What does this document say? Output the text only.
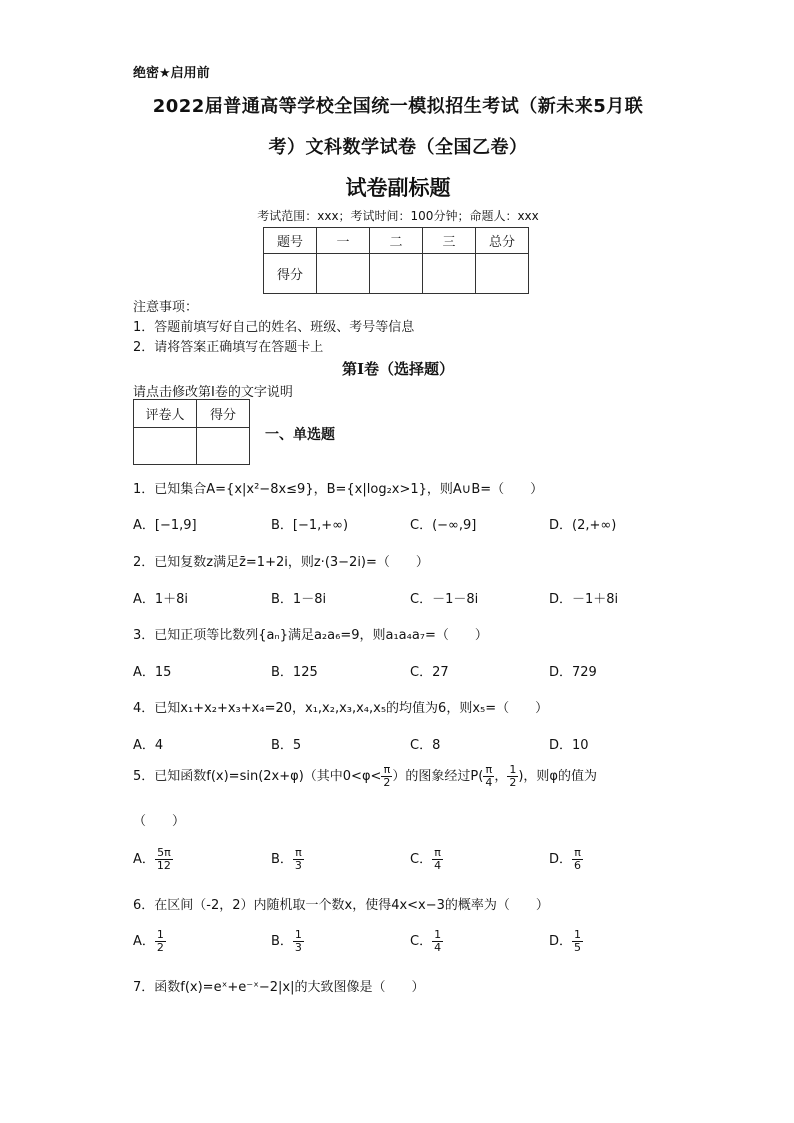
绝密★启用前
2022届普通高等学校全国统一模拟招生考试（新未来5月联
考）文科数学试卷（全国乙卷）
试卷副标题
考试范围：xxx；考试时间：100分钟；命题人：xxx
题号	一	二	三	总分
得分				
注意事项：
1．答题前填写好自己的姓名、班级、考号等信息
2．请将答案正确填写在答题卡上
第I卷（选择题）
请点击修改第I卷的文字说明
评卷人	得分

一、单选题
1．已知集合A={x|x²−8x≤9}，B={x|log₂x>1}，则A∪B=（　　）
A．[−1,9]	B．[−1,+∞)	C．(−∞,9]	D．(2,+∞)
2．已知复数z满足z̄=1+2i，则z·(3−2i)=（　　）
A．1＋8i	B．1－8i	C．－1－8i	D．－1＋8i
3．已知正项等比数列{aₙ}满足a₂a₆=9，则a₁a₄a₇=（　　）
A．15	B．125	C．27	D．729
4．已知x₁+x₂+x₃+x₄=20，x₁,x₂,x₃,x₄,x₅的均值为6，则x₅=（　　）
A．4	B．5	C．8	D．10
5．已知函数f(x)=sin(2x+φ)（其中$0<\varphi< \frac{\pi}{2}$ ）的图象经过$P( \frac{\pi}{4}$ ， $\frac{1}{2}$ )，则φ的值为
（　　）
A． $\frac{5\pi}{12}$	B． $\frac{\pi}{3}$	C． $\frac{\pi}{4}$	D． $\frac{\pi}{6}$
6．在区间（-2，2）内随机取一个数x，使得4x<x−3的概率为（　　）
A． $\frac{1}{2}$	B． $\frac{1}{3}$	C． $\frac{1}{4}$	D． $\frac{1}{5}$
7．函数f(x)=eˣ+e⁻ˣ−2|x|的大致图像是（　　）
